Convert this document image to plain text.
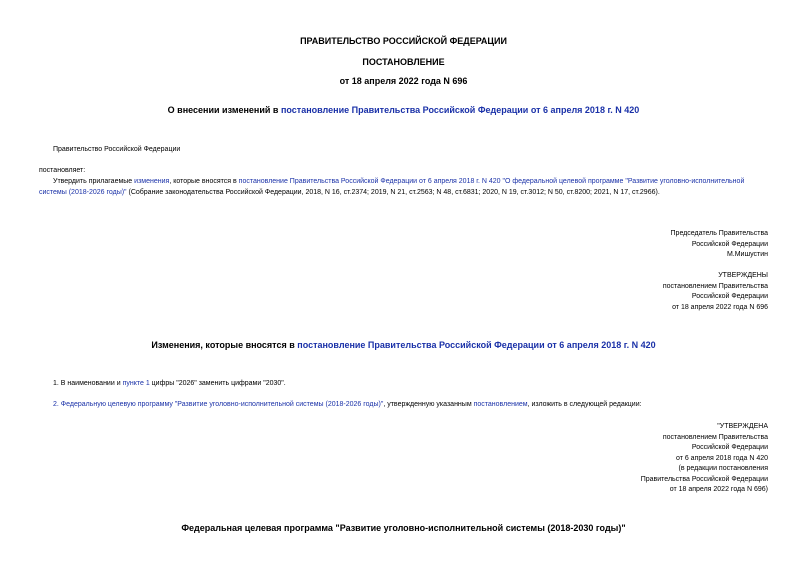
ПРАВИТЕЛЬСТВО РОССИЙСКОЙ ФЕДЕРАЦИИ
ПОСТАНОВЛЕНИЕ
от 18 апреля 2022 года N 696
О внесении изменений в постановление Правительства Российской Федерации от 6 апреля 2018 г. N 420
Правительство Российской Федерации
постановляет:
Утвердить прилагаемые изменения, которые вносятся в постановление Правительства Российской Федерации от 6 апреля 2018 г. N 420 "О федеральной целевой программе "Развитие уголовно-исполнительной системы (2018-2026 годы)" (Собрание законодательства Российской Федерации, 2018, N 16, ст.2374; 2019, N 21, ст.2563; N 48, ст.6831; 2020, N 19, ст.3012; N 50, ст.8200; 2021, N 17, ст.2966).
Председатель Правительства
Российской Федерации
М.Мишустин
УТВЕРЖДЕНЫ
постановлением Правительства
Российской Федерации
от 18 апреля 2022 года N 696
Изменения, которые вносятся в постановление Правительства Российской Федерации от 6 апреля 2018 г. N 420
1. В наименовании и пункте 1 цифры "2026" заменить цифрами "2030".
2. Федеральную целевую программу "Развитие уголовно-исполнительной системы (2018-2026 годы)", утвержденную указанным постановлением, изложить в следующей редакции:
"УТВЕРЖДЕНА
постановлением Правительства
Российской Федерации
от 6 апреля 2018 года N 420
(в редакции постановления
Правительства Российской Федерации
от 18 апреля 2022 года N 696)
Федеральная целевая программа "Развитие уголовно-исполнительной системы (2018-2030 годы)"
